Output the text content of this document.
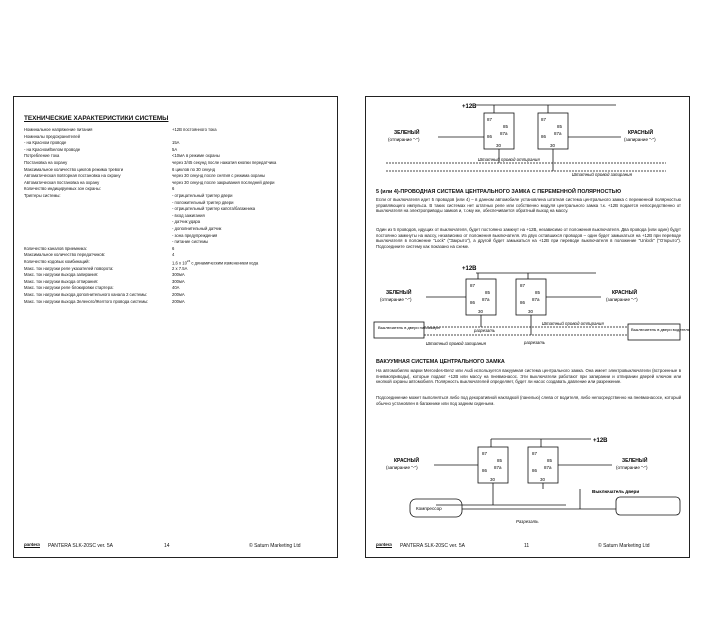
ТЕХНИЧЕСКИЕ ХАРАКТЕРИСТИКИ СИСТЕМЫ
Номинальное напряжение питания	+12В постоянного тока
Номиналы предохранителей
- на Красном проводе	15А
- на Красном/Белом проводе	5А
Потребление тока	<10мА в режиме охраны
Постановка на охрану	через 3/45 секунд после нажатия кнопки передатчика
Максимальное количество циклов режима тревоги	6 циклов по 30 секунд
Автоматическая повторная постановка на охрану	через 30 секунд после снятия с режима охраны
Автоматическая постановка на охрану	через 30 секунд после закрывания последней двери
Количество индицируемых зон охраны:	6
Триггеры системы:	- отрицательный триггер двери
- положительный триггер двери
- отрицательный триггер капота/багажника
- вход зажигания
- датчик удара
- дополнительный датчик
- зона предупреждения
- питание системы
Количество каналов приемника:	6
Максимальное количество передатчиков:	4
Количество кодовых комбинаций:	1,6 x $10^{24}$ с динамическим изменением кода
Макс. ток нагрузки реле указателей поворота:	2 x 7.5A
Макс. ток нагрузки выхода запирания:	300мА
Макс. ток нагрузки выхода отпирания:	300мА
Макс. ток нагрузки реле блокировки стартера:	40А
Макс. ток нагрузки выхода дополнительного канала 2 системы:	200мА
Макс. ток нагрузки выхода Зеленого/Желтого провода системы:	200мА
pantera PANTERA SLK-20SC ver. 5A	14	© Saturn Marketing Ltd
+12В
87
85
86
87a
30
87
85
86
87a
30
ЗЕЛЕНЫЙ
(отпирание "-")
КРАСНЫЙ
(запирание "-")
Штатный провод отпирания
Штатный провод запирания
5 (или 4)-ПРОВОДНАЯ СИСТЕМА ЦЕНТРАЛЬНОГО ЗАМКА С ПЕРЕМЕННОЙ ПОЛЯРНОСТЬЮ
Если от выключателя идет 5 проводов (или 4) – в данном автомобиле установлена штатная система центрального замка с переменной полярностью управляющего импульса. В таких системах нет штатных реле или собственно модуля центрального замка т.к. +12В подается непосредственно от выключателя на электроприводы замков и, т.ому же, обеспечивается обратный выход на массу.
Один из 5 проводов, идущих от выключателя, будет постоянно замкнут на +12В, независимо от положения выключателя. Два провода (или один) будут постоянно замкнуты на массу, независимо от положения выключателя. Из двух оставшихся проводов – один будет замыкаться на +12В при переводе выключателя в положение "Lock" ("Закрыто"), а другой будет замыкаться на +12В при переводе выключателя в положение "Unlock" ("Открыто"). Подсоедините систему как показано на схеме.
+12В
87
85
86
87a
30
87
85
86
87a
30
ЗЕЛЕНЫЙ
(отпирание "-")
КРАСНЫЙ
(запирание "-")
Штатный провод отпирания
Штатный провод запирания
Выключатель в двери пассажира	Выключатель в двери водителя
разрезать
разрезать
ВАКУУМНАЯ СИСТЕМА ЦЕНТРАЛЬНОГО ЗАМКА
На автомобилях марки Mercedes-Benz или Audi используется вакуумная система центрального замка. Она имеет электровыключатели (встроенные в пневмоприводы), которые подают +12В или массу на пневмонасос. Эти выключатели работают при запирании и отпирании дверей ключом или кнопкой охраны автомобиля. Полярность выключателей определяет, будет ли насос создавать давление или разрежение.
Подсоединение может выполняться либо под декоративной накладкой (панелью) слева от водителя, либо непосредственно на пневмонасосе, который обычно установлен в багажнике или под задним сиденьем.
+12В
87
85
86
87a
30
87
85
86
87a
30
КРАСНЫЙ
(запирание "-")
ЗЕЛЕНЫЙ
(отпирание "-")
Компрессор
Выключатель двери
Разрезать
pantera PANTERA SLK-20SC ver. 5A	11	© Saturn Marketing Ltd
